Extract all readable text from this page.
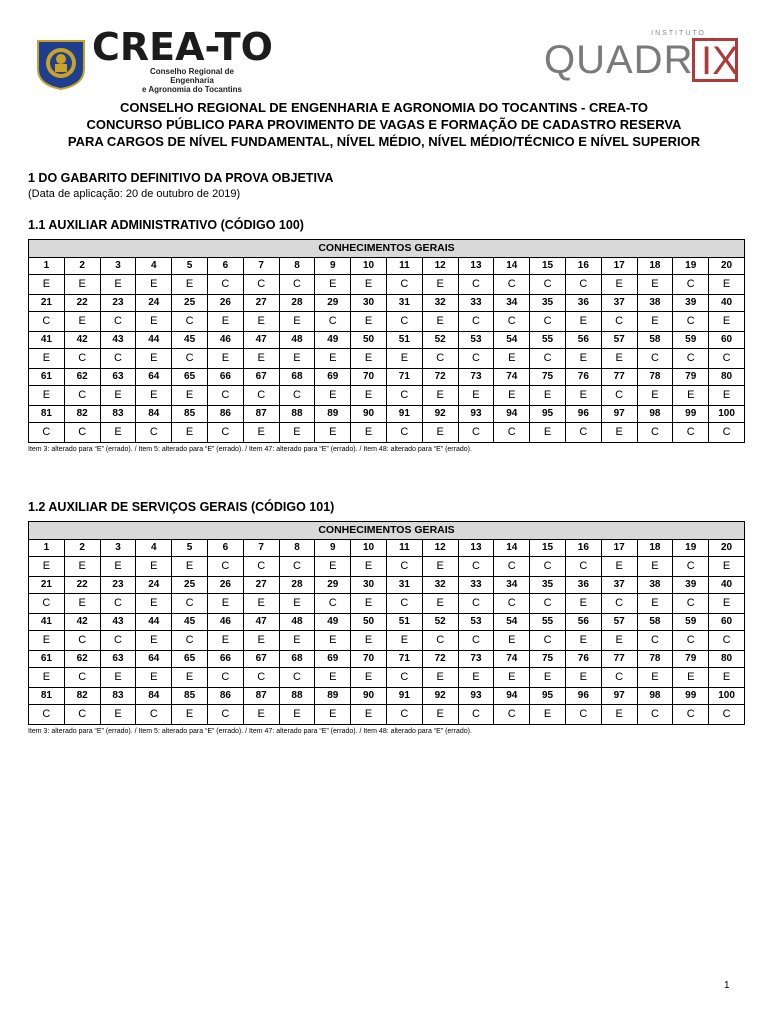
CREA-TO
Conselho Regional de Engenharia
e Agronomia do Tocantins
INSTITUTO
QUADR IX
CONSELHO REGIONAL DE ENGENHARIA E AGRONOMIA DO TOCANTINS - CREA-TO
CONCURSO PÚBLICO PARA PROVIMENTO DE VAGAS E FORMAÇÃO DE CADASTRO RESERVA
PARA CARGOS DE NÍVEL FUNDAMENTAL, NÍVEL MÉDIO, NÍVEL MÉDIO/TÉCNICO E NÍVEL SUPERIOR
1 DO GABARITO DEFINITIVO DA PROVA OBJETIVA
(Data de aplicação: 20 de outubro de 2019)
1.1 AUXILIAR ADMINISTRATIVO (CÓDIGO 100)
CONHECIMENTOS GERAIS																			
1	2	3	4	5	6	7	8	9	10	11	12	13	14	15	16	17	18	19	20
E	E	E	E	E	C	C	C	E	E	C	E	C	C	C	C	E	E	C	E
21	22	23	24	25	26	27	28	29	30	31	32	33	34	35	36	37	38	39	40
C	E	C	E	C	E	E	E	C	E	C	E	C	C	C	E	C	E	C	E
41	42	43	44	45	46	47	48	49	50	51	52	53	54	55	56	57	58	59	60
E	C	C	E	C	E	E	E	E	E	E	C	C	E	C	E	E	C	C	C
61	62	63	64	65	66	67	68	69	70	71	72	73	74	75	76	77	78	79	80
E	C	E	E	E	C	C	C	E	E	C	E	E	E	E	E	C	E	E	E
81	82	83	84	85	86	87	88	89	90	91	92	93	94	95	96	97	98	99	100
C	C	E	C	E	C	E	E	E	E	C	E	C	C	E	C	E	C	C	C
Item 3: alterado para “E” (errado). / Item 5: alterado para “E” (errado). / Item 47: alterado para “E” (errado). / Item 48: alterado para “E” (errado).
1.2 AUXILIAR DE SERVIÇOS GERAIS (CÓDIGO 101)
CONHECIMENTOS GERAIS																			
1	2	3	4	5	6	7	8	9	10	11	12	13	14	15	16	17	18	19	20
E	E	E	E	E	C	C	C	E	E	C	E	C	C	C	C	E	E	C	E
21	22	23	24	25	26	27	28	29	30	31	32	33	34	35	36	37	38	39	40
C	E	C	E	C	E	E	E	C	E	C	E	C	C	C	E	C	E	C	E
41	42	43	44	45	46	47	48	49	50	51	52	53	54	55	56	57	58	59	60
E	C	C	E	C	E	E	E	E	E	E	C	C	E	C	E	E	C	C	C
61	62	63	64	65	66	67	68	69	70	71	72	73	74	75	76	77	78	79	80
E	C	E	E	E	C	C	C	E	E	C	E	E	E	E	E	C	E	E	E
81	82	83	84	85	86	87	88	89	90	91	92	93	94	95	96	97	98	99	100
C	C	E	C	E	C	E	E	E	E	C	E	C	C	E	C	E	C	C	C
Item 3: alterado para “E” (errado). / Item 5: alterado para “E” (errado). / Item 47: alterado para “E” (errado). / Item 48: alterado para “E” (errado).
1
